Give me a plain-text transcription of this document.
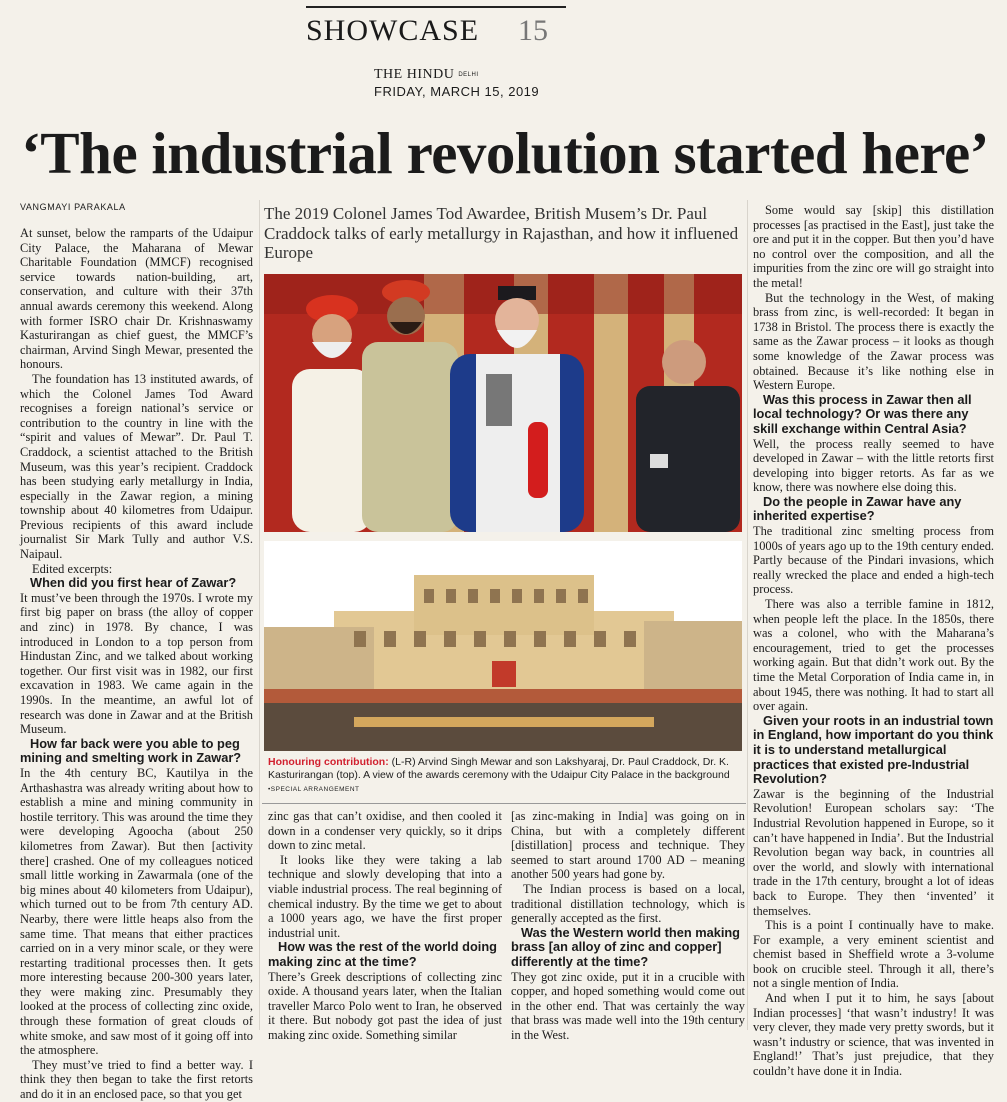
SHOWCASE 15
THE HINDU DELHI
FRIDAY, MARCH 15, 2019
‘The industrial revolution started here’
VANGMAYI PARAKALA

At sunset, below the ramparts of the Udaipur City Palace, the Maharana of Mewar Charitable Foundation (MMCF) recognised service towards nation-building, art, conservation, and culture with their 37th annual awards ceremony this weekend. Along with former ISRO chair Dr. Krishnaswamy Kasturirangan as chief guest, the MMCF’s chairman, Arvind Singh Mewar, presented the honours.

The foundation has 13 instituted awards, of which the Colonel James Tod Award recognises a foreign national’s service or contribution to the country in line with the “spirit and values of Mewar”. Dr. Paul T. Craddock, a scientist attached to the British Museum, was this year’s recipient. Craddock has been studying early metallurgy in India, especially in the Zawar region, a mining township about 40 kilometres from Udaipur. Previous recipients of this award include journalist Sir Mark Tully and author V.S. Naipaul.

Edited excerpts:

When did you first hear of Zawar?

It must’ve been through the 1970s. I wrote my first big paper on brass (the alloy of copper and zinc) in 1978. By chance, I was introduced in London to a top person from Hindustan Zinc, and we talked about working together. Our first visit was in 1982, our first excavation in 1983. We came again in the 1990s. In the meantime, an awful lot of research was done in Zawar and at the British Museum.

How far back were you able to peg mining and smelting work in Zawar?

In the 4th century BC, Kautilya in the Arthashastra was already writing about how to establish a mine and mining community in hostile territory. This was around the time they were developing Agoocha (about 250 kilometres from Zawar). But then [activity there] crashed. One of my colleagues noticed small little working in Zawarmala (one of the big mines about 40 kilometers from Udaipur), which turned out to be from 7th century AD. Nearby, there were little heaps also from the same time. That means that either practices carried on in a very minor scale, or they were restarting traditional processes then. It gets more interesting because 200-300 years later, they were making zinc. Presumably they looked at the process of collecting zinc oxide, through these formation of great clouds of white smoke, and saw most of it going off into the atmosphere.

They must’ve tried to find a better way. I think they then began to take the first retorts and do it in an enclosed pace, so that you get

The 2019 Colonel James Tod Awardee, British Musem’s Dr. Paul Craddock talks of early metallurgy in Rajasthan, and how it influened Europe
Honouring contribution: (L-R) Arvind Singh Mewar and son Lakshyaraj, Dr. Paul Craddock, Dr. K. Kasturirangan (top). A view of the awards ceremony with the Udaipur City Palace in the background •SPECIAL ARRANGEMENT

zinc gas that can’t oxidise, and then cooled it down in a condenser very quickly, so it drips down to zinc metal.

It looks like they were taking a lab technique and slowly developing that into a viable industrial process. The real beginning of chemical industry. By the time we get to about a 1000 years ago, we have the first proper industrial unit.

How was the rest of the world doing making zinc at the time?

There’s Greek descriptions of collecting zinc oxide. A thousand years later, when the Italian traveller Marco Polo went to Iran, he observed it there. But nobody got past the idea of just making zinc oxide. Something similar

[as zinc-making in India] was going on in China, but with a completely different [distillation] process and technique. They seemed to start around 1700 AD – meaning another 500 years had gone by.

The Indian process is based on a local, traditional distillation technology, which is generally accepted as the first.

Was the Western world then making brass [an alloy of zinc and copper] differently at the time?

They got zinc oxide, put it in a crucible with copper, and hoped something would come out in the other end. That was certainly the way that brass was made well into the 19th century in the West.

Some would say [skip] this distillation processes [as practised in the East], just take the ore and put it in the copper. But then you’d have no control over the composition, and all the impurities from the zinc ore will go straight into the metal!

But the technology in the West, of making brass from zinc, is well-recorded: It began in 1738 in Bristol. The process there is exactly the same as the Zawar process – it looks as though some knowledge of the Zawar process was obtained. Because it’s like nothing else in Western Europe.

Was this process in Zawar then all local technology? Or was there any skill exchange within Central Asia?

Well, the process really seemed to have developed in Zawar – with the little retorts first developing into bigger retorts. As far as we know, there was nowhere else doing this.

Do the people in Zawar have any inherited expertise?

The traditional zinc smelting process from 1000s of years ago up to the 19th century ended. Partly because of the Pindari invasions, which really wrecked the place and ended a high-tech process.

There was also a terrible famine in 1812, when people left the place. In the 1850s, there was a colonel, who with the Maharana’s encouragement, tried to get the processes working again. But that didn’t work out. By the time the Metal Corporation of India came in, in about 1945, there was nothing. It had to start all over again.

Given your roots in an industrial town in England, how important do you think it is to understand metallurgical practices that existed pre-Industrial Revolution?

Zawar is the beginning of the Industrial Revolution! European scholars say: ‘The Industrial Revolution happened in Europe, so it can’t have happened in India’. But the Industrial Revolution began way back, in countries all over the world, and slowly with international trade in the 17th century, brought a lot of ideas back to Europe. They then ‘invented’ it themselves.

This is a point I continually have to make. For example, a very eminent scientist and chemist based in Sheffield wrote a 3-volume book on crucible steel. Through it all, there’s not a single mention of India.

And when I put it to him, he says [about Indian processes] ‘that wasn’t industry! It was very clever, they made very pretty swords, but it wasn’t industry or science, that was invented in England!’ That’s just prejudice, that they couldn’t have done it in India.
